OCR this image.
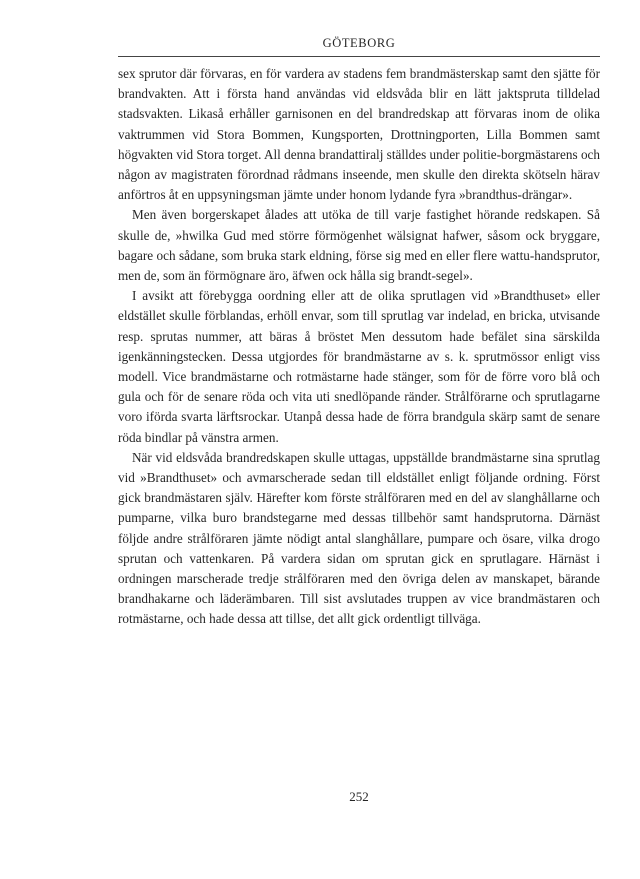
GÖTEBORG

sex sprutor där förvaras, en för vardera av stadens fem brandmästerskap samt den sjätte för brandvakten. Att i första hand användas vid eldsvåda blir en lätt jaktspruta tilldelad stadsvakten. Likaså erhåller garnisonen en del brandredskap att förvaras inom de olika vaktrummen vid Stora Bommen, Kungsporten, Drottningporten, Lilla Bommen samt högvakten vid Stora torget. All denna brandattiralj ställdes under politie-borgmästarens och någon av magistraten förordnad rådmans inseende, men skulle den direkta skötseln härav anförtros åt en uppsyningsman jämte under honom lydande fyra »brandthus-drängar».

Men även borgerskapet ålades att utöka de till varje fastighet hörande redskapen. Så skulle de, »hwilka Gud med större förmögenhet wälsignat hafwer, såsom ock bryggare, bagare och sådane, som bruka stark eldning, förse sig med en eller flere wattu-handsprutor, men de, som än förmögnare äro, äfwen ock hålla sig brandt-segel».

I avsikt att förebygga oordning eller att de olika sprutlagen vid »Brandthuset» eller eldstället skulle förblandas, erhöll envar, som till sprutlag var indelad, en bricka, utvisande resp. sprutas nummer, att bäras å bröstet Men dessutom hade befälet sina särskilda igenkänningstecken. Dessa utgjordes för brandmästarne av s. k. sprutmössor enligt viss modell. Vice brandmästarne och rotmästarne hade stänger, som för de förre voro blå och gula och för de senare röda och vita uti snedlöpande ränder. Strålförarne och sprutlagarne voro iförda svarta lärftsrockar. Utanpå dessa hade de förra brandgula skärp samt de senare röda bindlar på vänstra armen.

När vid eldsvåda brandredskapen skulle uttagas, uppställde brandmästarne sina sprutlag vid »Brandthuset» och avmarscherade sedan till eldstället enligt följande ordning. Först gick brandmästaren själv. Härefter kom förste strålföraren med en del av slanghållarne och pumparne, vilka buro brandstegarne med dessas tillbehör samt handsprutorna. Därnäst följde andre strålföraren jämte nödigt antal slanghållare, pumpare och ösare, vilka drogo sprutan och vattenkaren. På vardera sidan om sprutan gick en sprutlagare. Härnäst i ordningen marscherade tredje strålföraren med den övriga delen av manskapet, bärande brandhakarne och läderämbaren. Till sist avslutades truppen av vice brandmästaren och rotmästarne, och hade dessa att tillse, det allt gick ordentligt tillväga.

252
